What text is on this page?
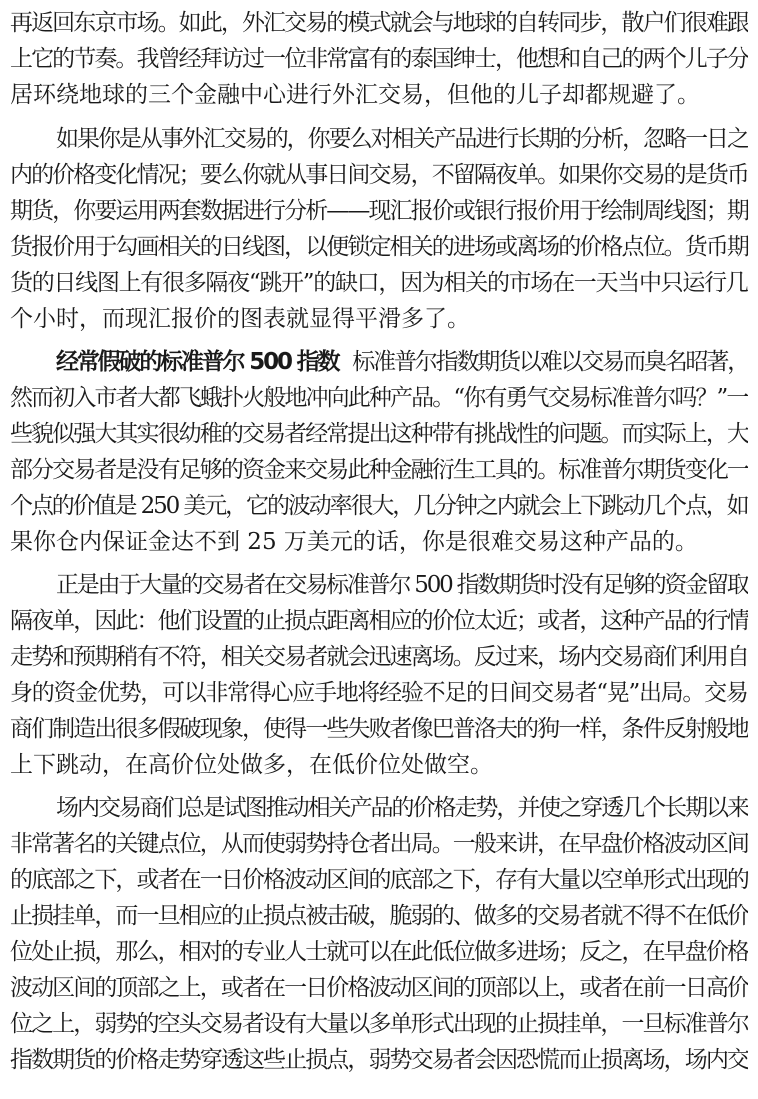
再返回东京市场。如此，外汇交易的模式就会与地球的自转同步，散户们很难跟
上它的节奏。我曾经拜访过一位非常富有的泰国绅士，他想和自己的两个儿子分
居环绕地球的三个金融中心进行外汇交易，但他的儿子却都规避了。
如果你是从事外汇交易的，你要么对相关产品进行长期的分析，忽略一日之
内的价格变化情况；要么你就从事日间交易，不留隔夜单。如果你交易的是货币
期货，你要运用两套数据进行分析——现汇报价或银行报价用于绘制周线图；期
货报价用于勾画相关的日线图，以便锁定相关的进场或离场的价格点位。货币期
货的日线图上有很多隔夜“跳开”的缺口，因为相关的市场在一天当中只运行几
个小时，而现汇报价的图表就显得平滑多了。
经常假破的标准普尔 500 指数 标准普尔指数期货以难以交易而臭名昭著，
然而初入市者大都飞蛾扑火般地冲向此种产品。“你有勇气交易标准普尔吗？”一
些貌似强大其实很幼稚的交易者经常提出这种带有挑战性的问题。而实际上，大
部分交易者是没有足够的资金来交易此种金融衍生工具的。标准普尔期货变化一
个点的价值是 250 美元，它的波动率很大，几分钟之内就会上下跳动几个点，如
果你仓内保证金达不到 25 万美元的话，你是很难交易这种产品的。
正是由于大量的交易者在交易标准普尔 500 指数期货时没有足够的资金留取
隔夜单，因此：他们设置的止损点距离相应的价位太近；或者，这种产品的行情
走势和预期稍有不符，相关交易者就会迅速离场。反过来，场内交易商们利用自
身的资金优势，可以非常得心应手地将经验不足的日间交易者“晃”出局。交易
商们制造出很多假破现象，使得一些失败者像巴普洛夫的狗一样，条件反射般地
上下跳动，在高价位处做多，在低价位处做空。
场内交易商们总是试图推动相关产品的价格走势，并使之穿透几个长期以来
非常著名的关键点位，从而使弱势持仓者出局。一般来讲，在早盘价格波动区间
的底部之下，或者在一日价格波动区间的底部之下，存有大量以空单形式出现的
止损挂单，而一旦相应的止损点被击破，脆弱的、做多的交易者就不得不在低价
位处止损，那么，相对的专业人士就可以在此低位做多进场；反之，在早盘价格
波动区间的顶部之上，或者在一日价格波动区间的顶部以上，或者在前一日高价
位之上，弱势的空头交易者设有大量以多单形式出现的止损挂单，一旦标准普尔
指数期货的价格走势穿透这些止损点，弱势交易者会因恐慌而止损离场，场内交
